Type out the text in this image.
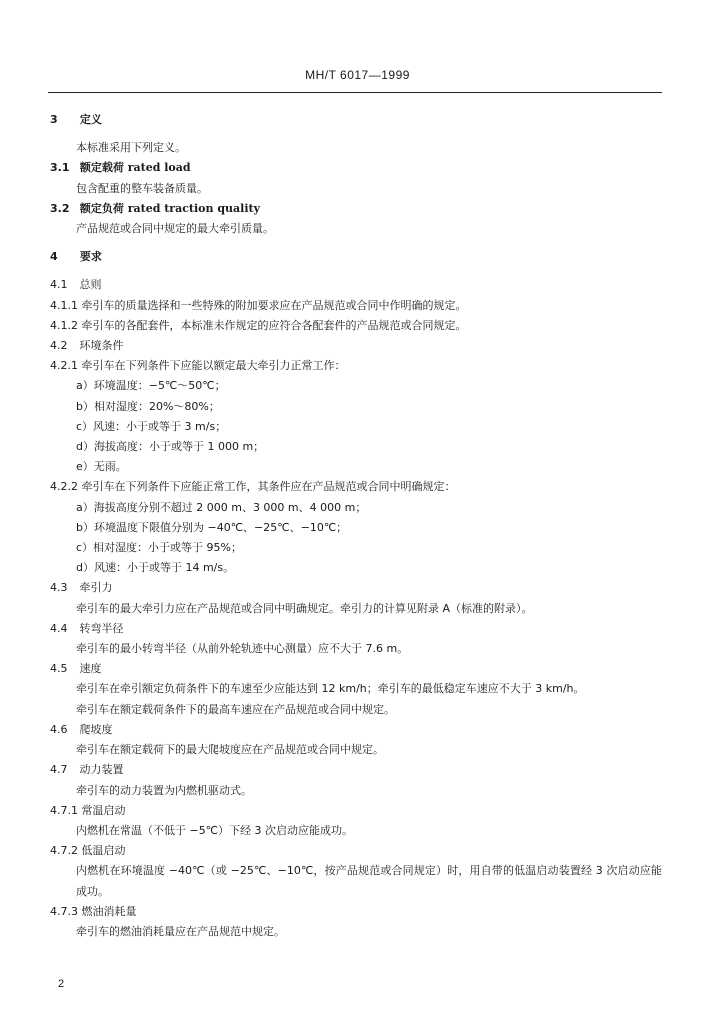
MH/T 6017—1999
3 定义
本标准采用下列定义。
3.1 额定载荷 rated load
包含配重的整车装备质量。
3.2 额定负荷 rated traction quality
产品规范或合同中规定的最大牵引质量。
4 要求
4.1 总则
4.1.1 牵引车的质量选择和一些特殊的附加要求应在产品规范或合同中作明确的规定。
4.1.2 牵引车的各配套件，本标准未作规定的应符合各配套件的产品规范或合同规定。
4.2 环境条件
4.2.1 牵引车在下列条件下应能以额定最大牵引力正常工作：
a）环境温度：−5℃～50℃；
b）相对湿度：20%～80%；
c）风速：小于或等于 3 m/s；
d）海拔高度：小于或等于 1 000 m；
e）无雨。
4.2.2 牵引车在下列条件下应能正常工作，其条件应在产品规范或合同中明确规定：
a）海拔高度分别不超过 2 000 m、3 000 m、4 000 m；
b）环境温度下限值分别为 −40℃、−25℃、−10℃；
c）相对湿度：小于或等于 95%；
d）风速：小于或等于 14 m/s。
4.3 牵引力
牵引车的最大牵引力应在产品规范或合同中明确规定。牵引力的计算见附录 A（标准的附录）。
4.4 转弯半径
牵引车的最小转弯半径（从前外轮轨迹中心测量）应不大于 7.6 m。
4.5 速度
牵引车在牵引额定负荷条件下的车速至少应能达到 12 km/h；牵引车的最低稳定车速应不大于 3 km/h。
牵引车在额定载荷条件下的最高车速应在产品规范或合同中规定。
4.6 爬坡度
牵引车在额定载荷下的最大爬坡度应在产品规范或合同中规定。
4.7 动力装置
牵引车的动力装置为内燃机驱动式。
4.7.1 常温启动
内燃机在常温（不低于 −5℃）下经 3 次启动应能成功。
4.7.2 低温启动
内燃机在环境温度 −40℃（或 −25℃、−10℃，按产品规范或合同规定）时，用自带的低温启动装置经 3 次启动应能成功。
4.7.3 燃油消耗量
牵引车的燃油消耗量应在产品规范中规定。
2
